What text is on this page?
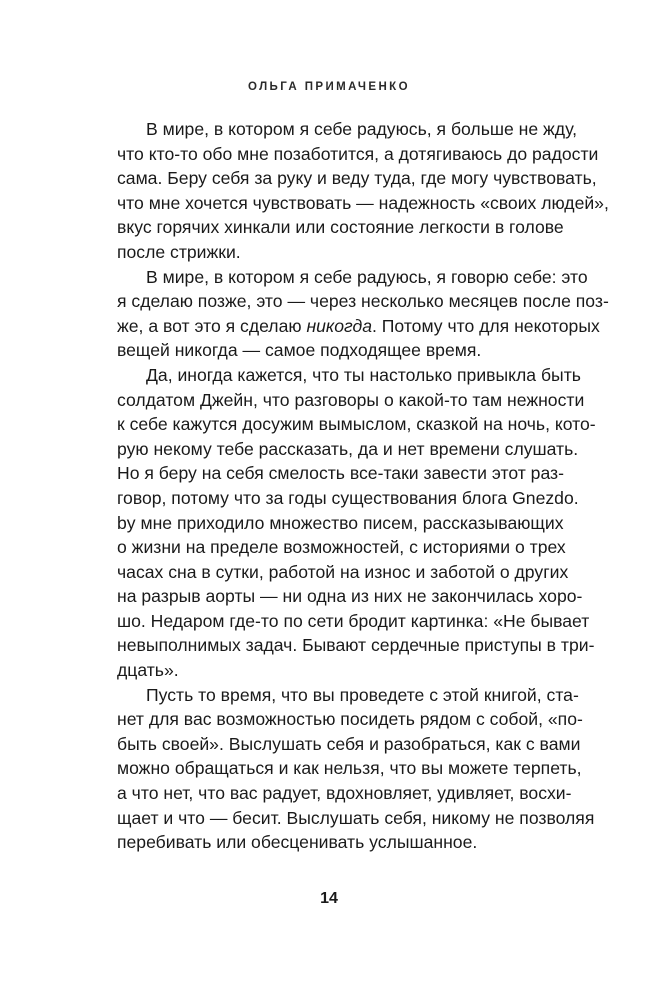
ОЛЬГА ПРИМАЧЕНКО
В мире, в котором я себе радуюсь, я больше не жду,
что кто-то обо мне позаботится, а дотягиваюсь до радости
сама. Беру себя за руку и веду туда, где могу чувствовать,
что мне хочется чувствовать — надежность «своих людей»,
вкус горячих хинкали или состояние легкости в голове
после стрижки.
В мире, в котором я себе радуюсь, я говорю себе: это
я сделаю позже, это — через несколько месяцев после поз-
же, а вот это я сделаю никогда. Потому что для некоторых
вещей никогда — самое подходящее время.
Да, иногда кажется, что ты настолько привыкла быть
солдатом Джейн, что разговоры о какой-то там нежности
к себе кажутся досужим вымыслом, сказкой на ночь, кото-
рую некому тебе рассказать, да и нет времени слушать.
Но я беру на себя смелость все-таки завести этот раз-
говор, потому что за годы существования блога Gnezdo.
by мне приходило множество писем, рассказывающих
о жизни на пределе возможностей, с историями о трех
часах сна в сутки, работой на износ и заботой о других
на разрыв аорты — ни одна из них не закончилась хоро-
шо. Недаром где-то по сети бродит картинка: «Не бывает
невыполнимых задач. Бывают сердечные приступы в три-
дцать».
Пусть то время, что вы проведете с этой книгой, ста-
нет для вас возможностью посидеть рядом с собой, «по-
быть своей». Выслушать себя и разобраться, как с вами
можно обращаться и как нельзя, что вы можете терпеть,
а что нет, что вас радует, вдохновляет, удивляет, восхи-
щает и что — бесит. Выслушать себя, никому не позволяя
перебивать или обесценивать услышанное.
14
